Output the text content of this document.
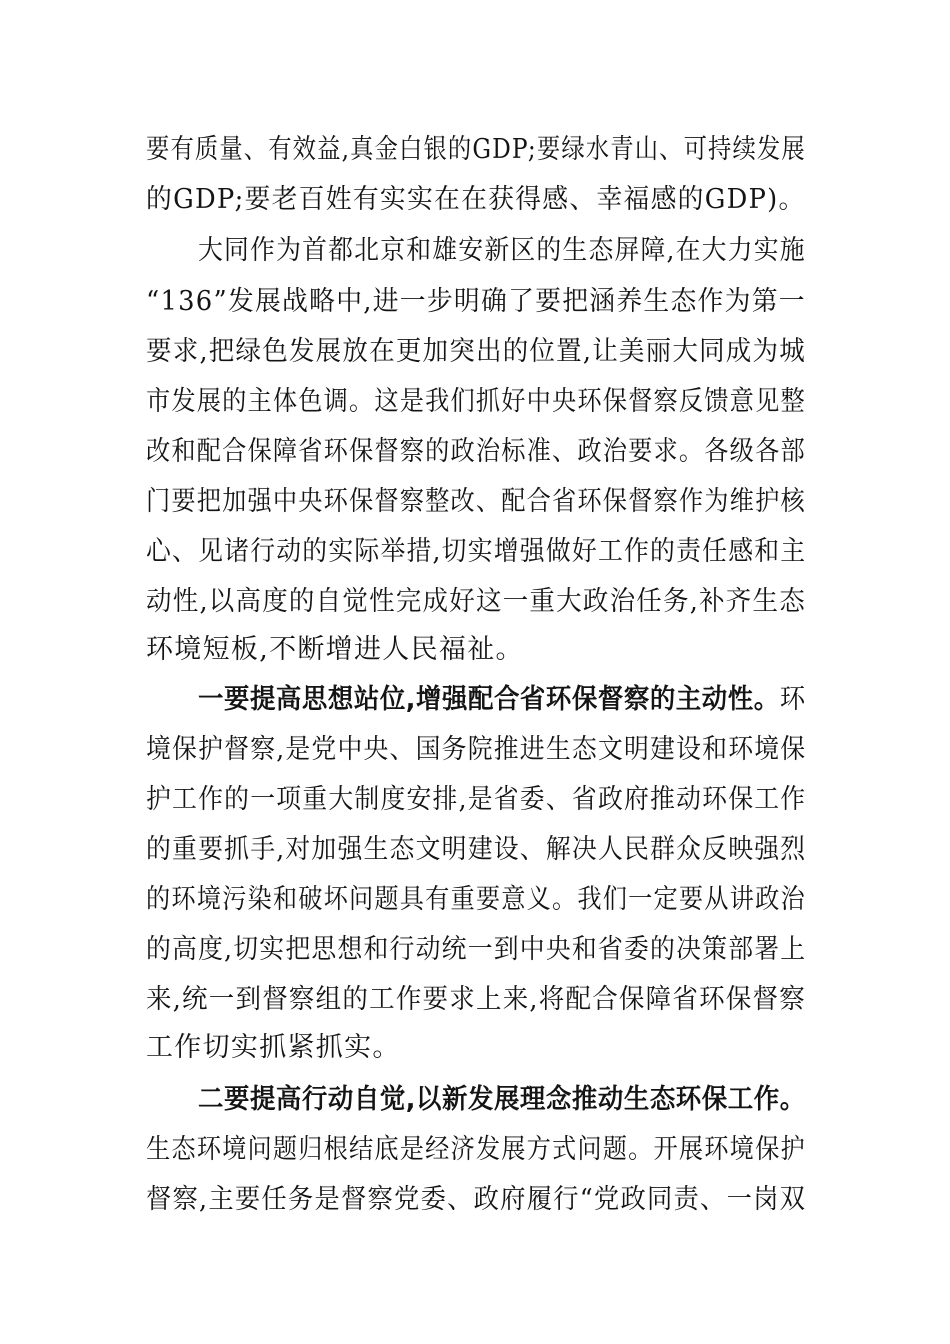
要有质量、有效益,真金白银的GDP;要绿水青山、可持续发展
的GDP;要老百姓有实实在在获得感、幸福感的GDP)。
大同作为首都北京和雄安新区的生态屏障,在大力实施
“136”发展战略中,进一步明确了要把涵养生态作为第一
要求,把绿色发展放在更加突出的位置,让美丽大同成为城
市发展的主体色调。这是我们抓好中央环保督察反馈意见整
改和配合保障省环保督察的政治标准、政治要求。各级各部
门要把加强中央环保督察整改、配合省环保督察作为维护核
心、见诸行动的实际举措,切实增强做好工作的责任感和主
动性,以高度的自觉性完成好这一重大政治任务,补齐生态
环境短板,不断增进人民福祉。
一要提高思想站位,增强配合省环保督察的主动性。环
境保护督察,是党中央、国务院推进生态文明建设和环境保
护工作的一项重大制度安排,是省委、省政府推动环保工作
的重要抓手,对加强生态文明建设、解决人民群众反映强烈
的环境污染和破坏问题具有重要意义。我们一定要从讲政治
的高度,切实把思想和行动统一到中央和省委的决策部署上
来,统一到督察组的工作要求上来,将配合保障省环保督察
工作切实抓紧抓实。
二要提高行动自觉,以新发展理念推动生态环保工作。
生态环境问题归根结底是经济发展方式问题。开展环境保护
督察,主要任务是督察党委、政府履行“党政同责、一岗双
